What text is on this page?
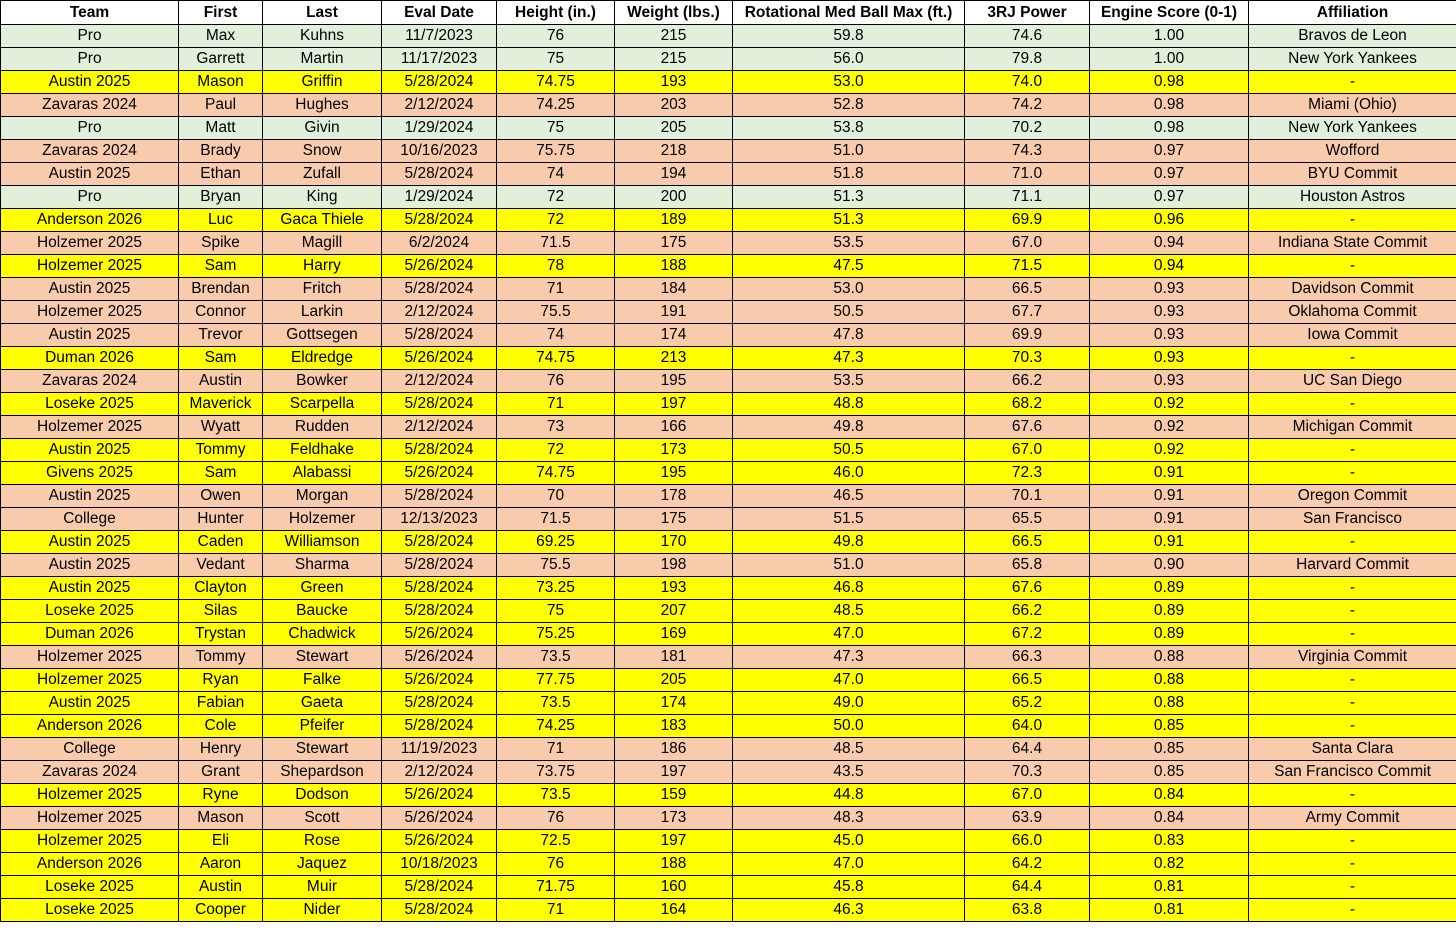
Team	First	Last	Eval Date	Height (in.)	Weight (lbs.)	Rotational Med Ball Max (ft.)	3RJ Power	Engine Score (0-1)	Affiliation
Pro	Max	Kuhns	11/7/2023	76	215	59.8	74.6	1.00	Bravos de Leon
Pro	Garrett	Martin	11/17/2023	75	215	56.0	79.8	1.00	New York Yankees
Austin 2025	Mason	Griffin	5/28/2024	74.75	193	53.0	74.0	0.98	-
Zavaras 2024	Paul	Hughes	2/12/2024	74.25	203	52.8	74.2	0.98	Miami (Ohio)
Pro	Matt	Givin	1/29/2024	75	205	53.8	70.2	0.98	New York Yankees
Zavaras 2024	Brady	Snow	10/16/2023	75.75	218	51.0	74.3	0.97	Wofford
Austin 2025	Ethan	Zufall	5/28/2024	74	194	51.8	71.0	0.97	BYU Commit
Pro	Bryan	King	1/29/2024	72	200	51.3	71.1	0.97	Houston Astros
Anderson 2026	Luc	Gaca Thiele	5/28/2024	72	189	51.3	69.9	0.96	-
Holzemer 2025	Spike	Magill	6/2/2024	71.5	175	53.5	67.0	0.94	Indiana State Commit
Holzemer 2025	Sam	Harry	5/26/2024	78	188	47.5	71.5	0.94	-
Austin 2025	Brendan	Fritch	5/28/2024	71	184	53.0	66.5	0.93	Davidson Commit
Holzemer 2025	Connor	Larkin	2/12/2024	75.5	191	50.5	67.7	0.93	Oklahoma Commit
Austin 2025	Trevor	Gottsegen	5/28/2024	74	174	47.8	69.9	0.93	Iowa Commit
Duman 2026	Sam	Eldredge	5/26/2024	74.75	213	47.3	70.3	0.93	-
Zavaras 2024	Austin	Bowker	2/12/2024	76	195	53.5	66.2	0.93	UC San Diego
Loseke 2025	Maverick	Scarpella	5/28/2024	71	197	48.8	68.2	0.92	-
Holzemer 2025	Wyatt	Rudden	2/12/2024	73	166	49.8	67.6	0.92	Michigan Commit
Austin 2025	Tommy	Feldhake	5/28/2024	72	173	50.5	67.0	0.92	-
Givens 2025	Sam	Alabassi	5/26/2024	74.75	195	46.0	72.3	0.91	-
Austin 2025	Owen	Morgan	5/28/2024	70	178	46.5	70.1	0.91	Oregon Commit
College	Hunter	Holzemer	12/13/2023	71.5	175	51.5	65.5	0.91	San Francisco
Austin 2025	Caden	Williamson	5/28/2024	69.25	170	49.8	66.5	0.91	-
Austin 2025	Vedant	Sharma	5/28/2024	75.5	198	51.0	65.8	0.90	Harvard Commit
Austin 2025	Clayton	Green	5/28/2024	73.25	193	46.8	67.6	0.89	-
Loseke 2025	Silas	Baucke	5/28/2024	75	207	48.5	66.2	0.89	-
Duman 2026	Trystan	Chadwick	5/26/2024	75.25	169	47.0	67.2	0.89	-
Holzemer 2025	Tommy	Stewart	5/26/2024	73.5	181	47.3	66.3	0.88	Virginia Commit
Holzemer 2025	Ryan	Falke	5/26/2024	77.75	205	47.0	66.5	0.88	-
Austin 2025	Fabian	Gaeta	5/28/2024	73.5	174	49.0	65.2	0.88	-
Anderson 2026	Cole	Pfeifer	5/28/2024	74.25	183	50.0	64.0	0.85	-
College	Henry	Stewart	11/19/2023	71	186	48.5	64.4	0.85	Santa Clara
Zavaras 2024	Grant	Shepardson	2/12/2024	73.75	197	43.5	70.3	0.85	San Francisco Commit
Holzemer 2025	Ryne	Dodson	5/26/2024	73.5	159	44.8	67.0	0.84	-
Holzemer 2025	Mason	Scott	5/26/2024	76	173	48.3	63.9	0.84	Army Commit
Holzemer 2025	Eli	Rose	5/26/2024	72.5	197	45.0	66.0	0.83	-
Anderson 2026	Aaron	Jaquez	10/18/2023	76	188	47.0	64.2	0.82	-
Loseke 2025	Austin	Muir	5/28/2024	71.75	160	45.8	64.4	0.81	-
Loseke 2025	Cooper	Nider	5/28/2024	71	164	46.3	63.8	0.81	-
